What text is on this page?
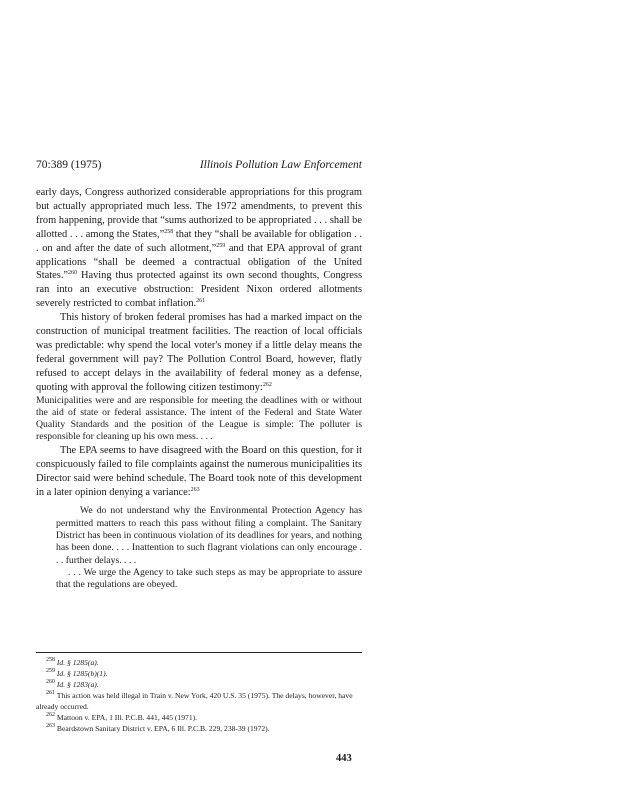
70:389 (1975)	Illinois Pollution Law Enforcement

early days, Congress authorized considerable appropriations for this program but actually appropriated much less. The 1972 amendments, to prevent this from happening, provide that “sums authorized to be appropriated . . . shall be allotted . . . among the States,”$^{258}$ that they “shall be available for obligation . . . on and after the date of such allotment,”$^{259}$ and that EPA approval of grant applications “shall be deemed a contractual obligation of the United States.”$^{260}$ Having thus protected against its own second thoughts, Congress ran into an executive obstruction: President Nixon ordered allotments severely restricted to combat inflation.$^{261}$

This history of broken federal promises has had a marked impact on the construction of municipal treatment facilities. The reaction of local officials was predictable: why spend the local voter's money if a little delay means the federal government will pay? The Pollution Control Board, however, flatly refused to accept delays in the availability of federal money as a defense, quoting with approval the following citizen testimony:$^{262}$

Municipalities were and are responsible for meeting the deadlines with or without the aid of state or federal assistance. The intent of the Federal and State Water Quality Standards and the position of the League is simple: The polluter is responsible for cleaning up his own mess. . . .

The EPA seems to have disagreed with the Board on this question, for it conspicuously failed to file complaints against the numerous municipalities its Director said were behind schedule. The Board took note of this development in a later opinion denying a variance:$^{263}$

We do not understand why the Environmental Protection Agency has permitted matters to reach this pass without filing a complaint. The Sanitary District has been in continuous violation of its deadlines for years, and nothing has been done. . . . Inattention to such flagrant violations can only encourage . . . further delays. . . .

. . . We urge the Agency to take such steps as may be appropriate to assure that the regulations are obeyed.

$^{258}$ Id. § 1285(a).

$^{259}$ Id. § 1285(b)(1).

$^{260}$ Id. § 1283(a).

$^{261}$ This action was held illegal in Train v. New York, 420 U.S. 35 (1975). The delays, however, have already occurred.

$^{262}$ Mattoon v. EPA, 1 Ill. P.C.B. 441, 445 (1971).

$^{263}$ Beardstown Sanitary District v. EPA, 6 Ill. P.C.B. 229, 238-39 (1972).

443
